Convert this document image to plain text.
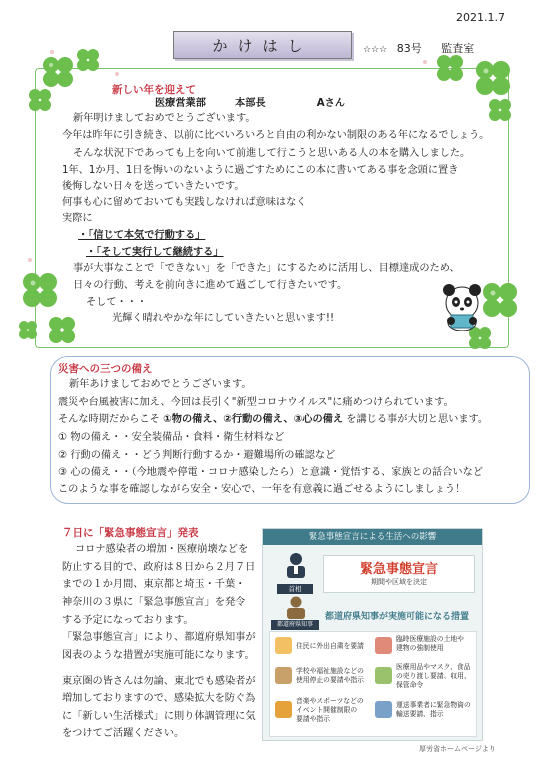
2021.1.7
かけはし	☆☆☆ 83号 監査室
新しい年を迎えて
医療営業部	本部長	Aさん
新年明けましておめでとうございます。
今年は昨年に引き続き、以前に比べいろいろと自由の利かない制限のある年になるでしょう。
そんな状況下であっても上を向いて前進して行こうと思いある人の本を購入しました。
1年、1か月、1日を悔いのないように過ごすためにこの本に書いてある事を念頭に置き
後悔しない日々を送っていきたいです。
何事も心に留めておいても実践しなければ意味はなく
実際に
・「信じて本気で行動する」
・「そして実行して継続する」
事が大事なことで「できない」を「できた」にするために活用し、目標達成のため、
日々の行動、考えを前向きに進めて過ごして行きたいです。
そして・・・
光輝く晴れやかな年にしていきたいと思います!!
災害への三つの備え
新年あけましておめでとうございます。
震災や台風被害に加え、今回は長引く"新型コロナウイルス"に痛めつけられています。
そんな時期だからこそ ①物の備え、②行動の備え、③心の備え を講じる事が大切と思います。
① 物の備え・・安全装備品・食料・衛生材料など
② 行動の備え・・どう判断行動するか・避難場所の確認など
③ 心の備え・・（今地震や停電・コロナ感染したら）と意識・覚悟する、家族との話合いなど
このような事を確認しながら安全・安心で、一年を有意義に過ごせるようにしましょう！
７日に「緊急事態宣言」発表
コロナ感染者の増加・医療崩壊などを
防止する目的で、政府は８日から２月７日
までの１か月間、東京都と埼玉・千葉・
神奈川の３県に「緊急事態宣言」を発令
する予定になっております。
「緊急事態宣言」により、都道府県知事が
図表のような措置が実施可能になります。
東京圏の皆さんは勿論、東北でも感染者が
増加しておりますので、感染拡大を防ぐ為
に「新しい生活様式」に則り体調管理に気
をつけてご活躍ください。
緊急事態宣言による生活への影響
首相
緊急事態宣言
期間や区域を決定
都道府県知事
都道府県知事が実施可能になる措置
住民に外出自粛を要請
臨時医療施設の土地や
建物の強制使用
学校や福祉施設などの
使用停止の要請や指示
医療用品やマスク、食品
の売り渡し要請、収用、
保管命令
音楽やスポーツなどの
イベント開催制限の
要請や指示
運送事業者に緊急物資の
輸送要請、指示
厚労省ホームページより
